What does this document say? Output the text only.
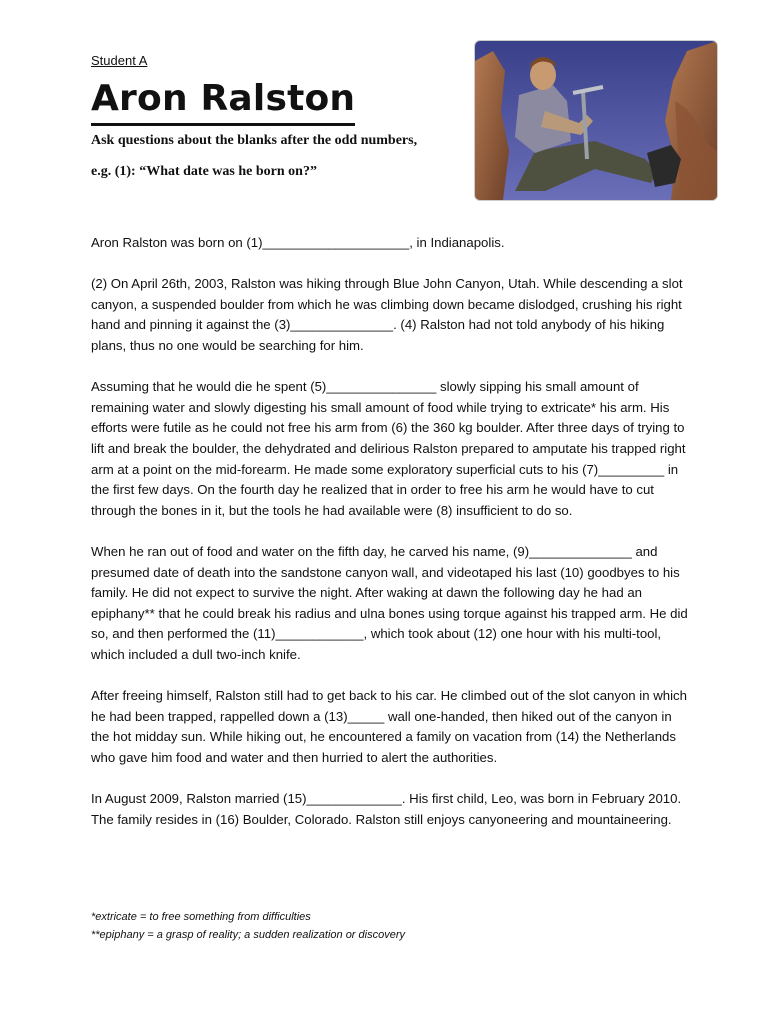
Student A
Aron Ralston

Ask questions about the blanks after the odd numbers,

e.g. (1): “What date was he born on?”

Aron Ralston was born on (1)____________________, in Indianapolis.

(2) On April 26th, 2003, Ralston was hiking through Blue John Canyon, Utah. While descending a slot canyon, a suspended boulder from which he was climbing down became dislodged, crushing his right hand and pinning it against the (3)______________. (4) Ralston had not told anybody of his hiking plans, thus no one would be searching for him.

Assuming that he would die he spent (5)_______________ slowly sipping his small amount of remaining water and slowly digesting his small amount of food while trying to extricate* his arm. His efforts were futile as he could not free his arm from (6) the 360 kg boulder. After three days of trying to lift and break the boulder, the dehydrated and delirious Ralston prepared to amputate his trapped right arm at a point on the mid-forearm. He made some exploratory superficial cuts to his (7)_________ in the first few days. On the fourth day he realized that in order to free his arm he would have to cut through the bones in it, but the tools he had available were (8) insufficient to do so.

When he ran out of food and water on the fifth day, he carved his name, (9)______________ and presumed date of death into the sandstone canyon wall, and videotaped his last (10) goodbyes to his family. He did not expect to survive the night. After waking at dawn the following day he had an epiphany** that he could break his radius and ulna bones using torque against his trapped arm. He did so, and then performed the (11)____________, which took about (12) one hour with his multi-tool, which included a dull two-inch knife.

After freeing himself, Ralston still had to get back to his car. He climbed out of the slot canyon in which he had been trapped, rappelled down a (13)_____ wall one-handed, then hiked out of the canyon in the hot midday sun. While hiking out, he encountered a family on vacation from (14) the Netherlands who gave him food and water and then hurried to alert the authorities.

In August 2009, Ralston married (15)_____________. His first child, Leo, was born in February 2010. The family resides in (16) Boulder, Colorado. Ralston still enjoys canyoneering and mountaineering.

*extricate = to free something from difficulties
**epiphany = a grasp of reality; a sudden realization or discovery
